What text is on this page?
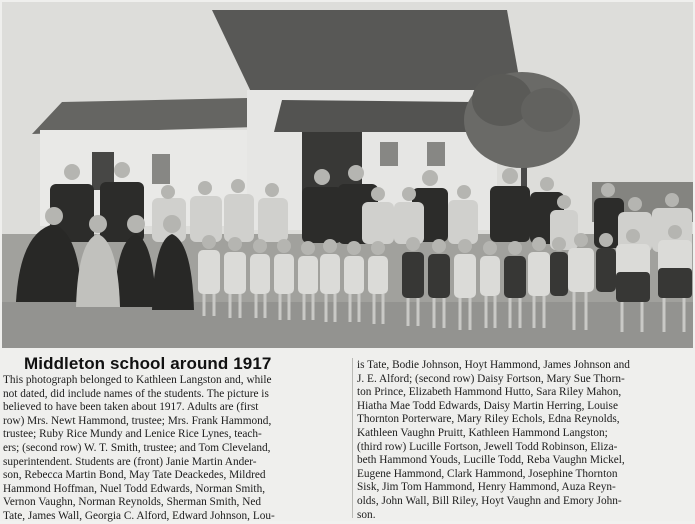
Middleton school around 1917
This photograph belonged to Kathleen Langston and, while
not dated, did include names of the students. The picture is
believed to have been taken about 1917. Adults are (first
row) Mrs. Newt Hammond, trustee; Mrs. Frank Hammond,
trustee; Ruby Rice Mundy and Lenice Rice Lynes, teach-
ers; (second row) W. T. Smith, trustee; and Tom Cleveland,
superintendent. Students are (front) Janie Martin Ander-
son, Rebecca Martin Bond, May Tate Deackedes, Mildred
Hammond Hoffman, Nuel Todd Edwards, Norman Smith,
Vernon Vaughn, Norman Reynolds, Sherman Smith, Ned
Tate, James Wall, Georgia C. Alford, Edward Johnson, Lou-
is Tate, Bodie Johnson, Hoyt Hammond, James Johnson and
J. E. Alford; (second row) Daisy Fortson, Mary Sue Thorn-
ton Prince, Elizabeth Hammond Hutto, Sara Riley Mahon,
Hiatha Mae Todd Edwards, Daisy Martin Herring, Louise
Thornton Porterware, Mary Riley Echols, Edna Reynolds,
Kathleen Vaughn Pruitt, Kathleen Hammond Langston;
(third row) Lucille Fortson, Jewell Todd Robinson, Eliza-
beth Hammond Youds, Lucille Todd, Reba Vaughn Mickel,
Eugene Hammond, Clark Hammond, Josephine Thornton
Sisk, Jim Tom Hammond, Henry Hammond, Auza Reyn-
olds, John Wall, Bill Riley, Hoyt Vaughn and Emory John-
son.
